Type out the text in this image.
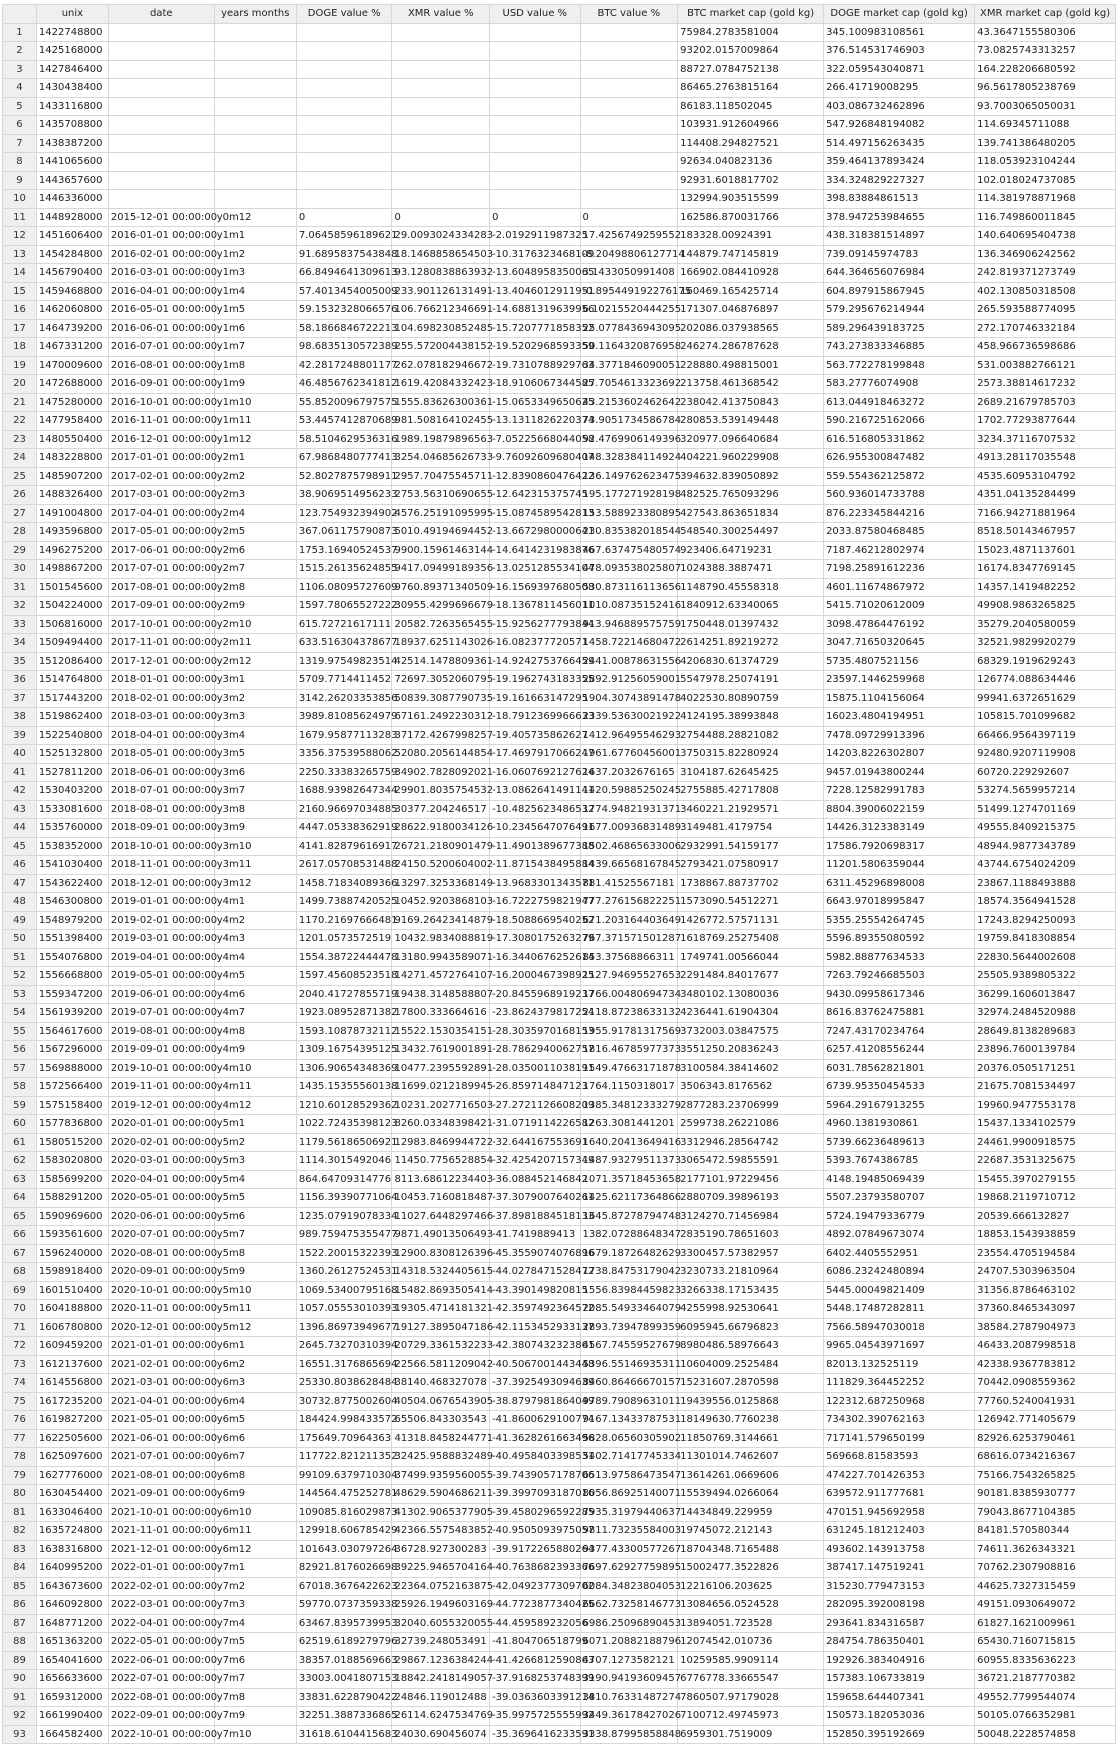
	unix	date	years months	DOGE value %	XMR value %	USD value %	BTC value %	BTC market cap (gold kg)	DOGE market cap (gold kg)	XMR market cap (gold kg)
1	1422748800							75984.2783581004	345.100983108561	43.3647155580306
2	1425168000							93202.0157009864	376.514531746903	73.0825743313257
3	1427846400							88727.0784752138	322.059543040871	164.228206680592
4	1430438400							86465.2763815164	266.41719008295	96.5617805238769
5	1433116800							86183.118502045	403.086732462896	93.7003065050031
6	1435708800							103931.912604966	547.926848194082	114.69345711088
7	1438387200							114408.294827521	514.497156263435	139.741386480205
8	1441065600							92634.040823136	359.464137893424	118.053923104244
9	1443657600							92931.6018817702	334.324829227327	102.018024737085
10	1446336000							132994.903515599	398.83884861513	114.381978871968
11	1448928000	2015-12-01 00:00:00	y0m12	0	0	0	0	162586.870031766	378.947253984655	116.749860011845
12	1451606400	2016-01-01 00:00:00	y1m1	7.06458596189621	29.0093024334283	-2.0192911987325	17.4256749259552	183328.00924391	438.318381514897	140.640695404738
13	1454284800	2016-02-01 00:00:00	y1m2	91.6895837543848	18.1468858654503	-10.3176323468109	-8.20498806127714	144879.747145819	739.09145974783	136.346906242562
14	1456790400	2016-03-01 00:00:00	y1m3	66.8494641309613	93.1280838863932	-13.6048958350065	3.1433050991408	166902.084410928	644.364656076984	242.819371273749
15	1459468800	2016-04-01 00:00:00	y1m4	57.4013454005009	233.901126131491	-13.4046012911951	-0.895449192276175	160469.165425714	604.897915867945	402.130850318508
16	1462060800	2016-05-01 00:00:00	y1m5	59.1532328066576	106.766212346691	-14.6881319639956	6.10215520444255	171307.046876897	579.295676214944	265.593588774095
17	1464739200	2016-06-01 00:00:00	y1m6	58.1866846722213	104.698230852485	-15.7207771858352	25.0778436943095	202086.037938565	589.296439183725	272.170746332184
18	1467331200	2016-07-01 00:00:00	y1m7	98.6835130572389	255.572004438152	-19.5202968593359	50.1164320876958	246274.286787628	743.273833346885	458.966736598686
19	1470009600	2016-08-01 00:00:00	y1m8	42.2817248801177	262.078182946672	-19.7310788929763	34.3771846090051	228880.498815001	563.772278199848	531.003882766121
20	1472688000	2016-09-01 00:00:00	y1m9	46.4856762341812	1619.42084332423	-18.9106067344585	27.7054613323692	213758.461368542	583.27776074908	2573.38814617232
21	1475280000	2016-10-01 00:00:00	y1m10	55.8520096797575	1555.83626300361	-15.0653349650625	43.2153602462642	238042.413750843	613.044918463272	2689.21679785703
22	1477958400	2016-11-01 00:00:00	y1m11	53.4457412870689	981.508164102455	-13.1311826220374	73.9051734586784	280853.539149448	590.216725162066	1702.77293877644
23	1480550400	2016-12-01 00:00:00	y1m12	58.5104629536316	1989.19879896563	-7.05225668044058	92.4769906149396	320977.096640684	616.516805331862	3234.37116707532
24	1483228800	2017-01-01 00:00:00	y2m1	67.9868480777413	3254.04685626733	-9.76092609680407	148.328384114924	404221.960229908	626.955300847482	4913.28117035548
25	1485907200	2017-02-01 00:00:00	y2m2	52.8027875798911	2957.70475545711	-12.8390860476422	136.149762623475	394632.839050892	559.554362125872	4535.60953104792
26	1488326400	2017-03-01 00:00:00	y2m3	38.9069514956233	2753.56310690655	-12.642315375745	195.177271928198	482525.765093296	560.936014733788	4351.04135284499
27	1491004800	2017-04-01 00:00:00	y2m4	123.754932394902	4576.25191095995	-15.0874589542813	153.588923380895	427543.863651834	876.223345844216	7166.94271881964
28	1493596800	2017-05-01 00:00:00	y2m5	367.061175790873	5010.49194694452	-13.6672980000641	230.835382018544	548540.300254497	2033.87580468485	8518.50143467957
29	1496275200	2017-06-01 00:00:00	y2m6	1753.16940524537	9900.15961463144	-14.6414231983876	467.637475480574	923406.64719231	7187.46212802974	15023.4871137601
30	1498867200	2017-07-01 00:00:00	y2m7	1515.26135624855	9417.09499189356	-13.0251285534104	478.093538025807	1024388.3887471	7198.25891612236	16174.8347769145
31	1501545600	2017-08-01 00:00:00	y2m8	1106.08095727609	9760.89371340509	-16.1569397680508	530.873116113656	1148790.45558318	4601.11674867972	14357.1419482252
32	1504224000	2017-09-01 00:00:00	y2m9	1597.78065527222	30955.4299696679	-18.1367811456011	1010.08735152416	1840912.63340065	5415.71020612009	49908.9863265825
33	1506816000	2017-10-01 00:00:00	y2m10	615.72721617111	20582.7263565455	-15.9256277793844	913.946889575759	1750448.01397432	3098.47864476192	35279.2040580059
34	1509494400	2017-11-01 00:00:00	y2m11	633.516304378677	18937.6251143026	-16.082377720571	1458.72214680472	2614251.89219272	3047.71650320645	32521.9829920279
35	1512086400	2017-12-01 00:00:00	y2m12	1319.97549823514	42514.1478809361	-14.9242753766459	2441.00878631556	4206830.61374729	5735.4807521156	68329.1919629243
36	1514764800	2018-01-01 00:00:00	y3m1	5709.7714411452	72697.3052060795	-19.1962743183355	2892.91256059001	5547978.25074191	23597.1446259968	126774.088634446
37	1517443200	2018-02-01 00:00:00	y3m2	3142.26203353856	50839.3087790735	-19.161663147295	1904.30743891478	4022530.80890759	15875.1104156064	99941.6372651629
38	1519862400	2018-03-01 00:00:00	y3m3	3989.81085624979	67161.2492230312	-18.7912369966633	2339.53630021922	4124195.38993848	16023.4804194951	105815.701099682
39	1522540800	2018-04-01 00:00:00	y3m4	1679.95877113283	37172.4267998257	-19.405735862627	1412.96495546293	2754488.28821082	7478.09729913396	66466.9564397119
40	1525132800	2018-05-01 00:00:00	y3m5	3356.37539588062	52080.2056144854	-17.4697917066247	1961.67760456001	3750315.82280924	14203.8226302807	92480.9207119908
41	1527811200	2018-06-01 00:00:00	y3m6	2250.33383265759	34902.7828092021	-16.0607692127624	1637.2032676165	3104187.62645425	9457.01943800244	60720.229292607
42	1530403200	2018-07-01 00:00:00	y3m7	1688.93982647344	29901.8035754532	-13.0862641491141	1420.59885250245	2755885.42717808	7228.12582991783	53274.5659957214
43	1533081600	2018-08-01 00:00:00	y3m8	2160.96697034885	30377.204246517	-10.4825623486532	1774.94821931371	3460221.21929571	8804.39006022159	51499.1274701169
44	1535760000	2018-09-01 00:00:00	y3m9	4447.05338362919	28622.9180034126	-10.2345647076491	1677.00936831489	3149481.4179754	14426.3123383149	49555.8409215375
45	1538352000	2018-10-01 00:00:00	y3m10	4141.82879616917	26721.2180901479	-11.4901389677388	1502.46865633006	2932991.54159177	17586.7920698317	48944.9877343789
46	1541030400	2018-11-01 00:00:00	y3m11	2617.05708531488	24150.5200604002	-11.8715438495884	1439.66568167845	2793421.07580917	11201.5806359044	43744.6754024209
47	1543622400	2018-12-01 00:00:00	y3m12	1458.71834089366	13297.3253368149	-13.9683301343571	881.41525567181	1738867.88737702	6311.45296898008	23867.1188493888
48	1546300800	2019-01-01 00:00:00	y4m1	1499.73887420525	10452.9203868103	-16.7222759821947	777.276156822251	1573090.54512271	6643.97018995847	18574.3564941528
49	1548979200	2019-02-01 00:00:00	y4m2	1170.21697666481	9169.26423414879	-18.5088669540252	671.203164403649	1426772.57571131	5355.25554264745	17243.8294250093
50	1551398400	2019-03-01 00:00:00	y4m3	1201.0573572519	10432.9834088819	-17.3080175263279	767.371571501287	1618769.25275408	5596.89355080592	19759.8418308854
51	1554076800	2019-04-01 00:00:00	y4m4	1554.38722444478	13180.9943589071	-16.3440676252614	853.37568866311	1749741.00566044	5982.88877634533	22830.5644002608
52	1556668800	2019-05-01 00:00:00	y4m5	1597.45608523518	14271.4572764107	-16.2000467398925	1127.94695527653	2291484.84017677	7263.79246685503	25505.9389805322
53	1559347200	2019-06-01 00:00:00	y4m6	2040.41727855719	19438.3148588807	-20.8455968919237	1766.00480694734	3480102.13080036	9430.09958617346	36299.1606013847
54	1561939200	2019-07-01 00:00:00	y4m7	1923.08952871382	17800.333664616	-23.8624379817254	2118.87238633132	4236441.61904304	8616.83762475881	32974.2484520988
55	1564617600	2019-08-01 00:00:00	y4m8	1593.10878732112	15522.1530354151	-28.3035970168153	1955.91781317569	3732003.03847575	7247.43170234764	28649.8138289683
56	1567296000	2019-09-01 00:00:00	y4m9	1309.16754395125	13432.7619001891	-28.7862940062757	1816.46785977373	3551250.20836243	6257.41208556244	23896.7600139784
57	1569888000	2019-10-01 00:00:00	y4m10	1306.90654348369	10477.2395592891	-28.0350011038191	1549.47663171878	3100584.38414602	6031.78562821801	20376.0505171251
58	1572566400	2019-11-01 00:00:00	y4m11	1435.15355560138	11699.0212189945	-26.859714847123	1764.1150318017	3506343.8176562	6739.95350454533	21675.7081534497
59	1575158400	2019-12-01 00:00:00	y4m12	1210.60128529362	10231.2027716503	-27.2721126608209	1385.34812333279	2877283.23706999	5964.29167913255	19960.9477553178
60	1577836800	2020-01-01 00:00:00	y5m1	1022.72435398123	8260.03348398421	-31.0719114226582	1263.3081441201	2599738.26221086	4960.1381930861	15437.1334102579
61	1580515200	2020-02-01 00:00:00	y5m2	1179.56186506921	12983.8469944722	-32.644167553691	1640.20413649416	3312946.28564742	5739.66236489613	24461.9900918575
62	1583020800	2020-03-01 00:00:00	y5m3	1114.3015492046	11450.7756528854	-32.4254207157349	1487.93279511373	3065472.59855591	5393.7674386785	22687.3531325675
63	1585699200	2020-04-01 00:00:00	y5m4	864.64709314776	8113.68612234403	-36.088452146842	1071.35718453658	2177101.97229456	4148.19485069439	15455.3970279155
64	1588291200	2020-05-01 00:00:00	y5m5	1156.39390771064	10453.7160818487	-37.3079007640261	1425.62117364866	2880709.39896193	5507.23793580707	19868.2119710712
65	1590969600	2020-06-01 00:00:00	y5m6	1235.07919078334	11027.6448297466	-37.8981884518133	1645.87278794748	3124270.71456984	5724.19479336779	20539.666132827
66	1593561600	2020-07-01 00:00:00	y5m7	989.759475355477	9871.49013506493	-41.7419889413	1382.07288648347	2835190.78651603	4892.07849673074	18853.1543938859
67	1596240000	2020-08-01 00:00:00	y5m8	1522.20015322393	12900.8308126396	-45.3559074076896	1679.18726482629	3300457.57382957	6402.4405552951	23554.4705194584
68	1598918400	2020-09-01 00:00:00	y5m9	1360.26127524531	14318.5324405615	-44.0278471528472	1738.84753179042	3230733.21810964	6086.23242480894	24707.5303963504
69	1601510400	2020-10-01 00:00:00	y5m10	1069.53400795168	15482.8693505414	-43.390149820815	1556.83984459823	3266338.17153435	5445.00049821409	31356.8786463102
70	1604188800	2020-11-01 00:00:00	y5m11	1057.05553010393	19305.4714181321	-42.3597492364572	2085.54933464079	4255998.92530641	5448.17487282811	37360.8465343097
71	1606780800	2020-12-01 00:00:00	y5m12	1396.86973949677	19127.3895047186	-42.1153452933137	2893.73947899359	6095945.66796823	7566.58947030018	38584.2787904973
72	1609459200	2021-01-01 00:00:00	y6m1	2645.73270310394	20729.3361532233	-42.3807432323861	4567.74559527679	8980486.58976643	9965.04543971697	46433.2087998518
73	1612137600	2021-02-01 00:00:00	y6m2	16551.3176865694	22566.5811209042	-40.5067001443448	5396.55146935311	10604009.2525484	82013.132525119	42338.9367783812
74	1614556800	2021-03-01 00:00:00	y6m3	25330.8038628484	38140.468327078	-37.3925493094639	8460.86466670157	15231607.2870598	111829.364452252	70442.0908559362
75	1617235200	2021-04-01 00:00:00	y6m4	30732.8775002604	40504.0676543905	-38.8797981864049	9789.79089631011	19439556.0125868	122312.687250968	77760.5240041931
76	1619827200	2021-05-01 00:00:00	y6m5	184424.998433572	65506.843303543	-41.8600629100774	9167.13433787531	18149630.7760238	734302.390762163	126942.771405679
77	1622505600	2021-06-01 00:00:00	y6m6	175649.70964363	41318.8458244771	-41.3628261663496	5828.06560305902	11850769.3144661	717141.579650199	82926.6253790461
78	1625097600	2021-07-01 00:00:00	y6m7	117722.821211352	32425.9588832489	-40.4958403398531	5402.71417745334	11301014.7462607	569668.81583593	68616.0734216367
79	1627776000	2021-08-01 00:00:00	y6m8	99109.6379710304	37499.9359560055	-39.7439057178706	6513.97586473547	13614261.0669606	474227.701426353	75166.7543265825
80	1630454400	2021-09-01 00:00:00	y6m9	144564.475252781	48629.5904686211	-39.3997093187016	8056.86925140071	15539494.0266064	639572.911777681	90181.8385930777
81	1633046400	2021-10-01 00:00:00	y6m10	109085.816029873	41302.9065377905	-39.4580296592285	7935.31979440637	14434849.229959	470151.945692958	79043.8677104385
82	1635724800	2021-11-01 00:00:00	y6m11	129918.606785429	42366.5575483852	-40.9505093975057	9811.73235584003	19745072.212143	631245.181212403	84181.570580344
83	1638316800	2021-12-01 00:00:00	y6m12	101643.030797264	36728.927300283	-39.9172265880264	9377.43300577267	18704348.7165488	493602.143913758	74611.3626343321
84	1640995200	2022-01-01 00:00:00	y7m1	82921.8176026698	39225.9465704164	-40.7638682393366	7697.62927759895	15002477.3522826	387417.147519241	70762.2307908816
85	1643673600	2022-02-01 00:00:00	y7m2	67018.3676422623	22364.0752163875	-42.0492377309702	6084.34823804053	12216106.203625	315230.779473153	44625.7327315459
86	1646092800	2022-03-01 00:00:00	y7m3	59770.0737359338	25926.1949603169	-44.7723877340425	6662.73258146773	13084656.0524528	282095.392008198	49151.0930649072
87	1648771200	2022-04-01 00:00:00	y7m4	63467.8395739953	32040.6055320055	-44.459589232056	6986.25096890453	13894051.723528	293641.834316587	61827.1621009961
88	1651363200	2022-05-01 00:00:00	y7m5	62519.6189279796	32739.248053491	-41.804706518799	6071.20882188796	12074542.010736	284754.786350401	65430.7160715815
89	1654041600	2022-06-01 00:00:00	y7m6	38357.0188569663	29867.1236384244	-41.4266812590863	4707.1273582121	10259585.9909114	192926.383404916	60955.8335636223
90	1656633600	2022-07-01 00:00:00	y7m7	33003.0041807153	18842.2418149057	-37.9168253748399	3190.94193609457	6776778.33665547	157383.106733819	36721.2187770382
91	1659312000	2022-08-01 00:00:00	y7m8	33831.6228790422	24846.119012488	-39.0363603391214	3810.76331487274	7860507.97179028	159658.644407341	49552.7799544074
92	1661990400	2022-09-01 00:00:00	y7m9	32251.3887336865	26114.6247534769	-35.9975725555992	3449.36178427026	7100712.49745973	150573.182053036	50105.0766352981
93	1664582400	2022-10-01 00:00:00	y7m10	31618.6104415683	24030.690456074	-35.3696416233591	3338.87995858848	6959301.7519009	152850.395192669	50048.2228574858
